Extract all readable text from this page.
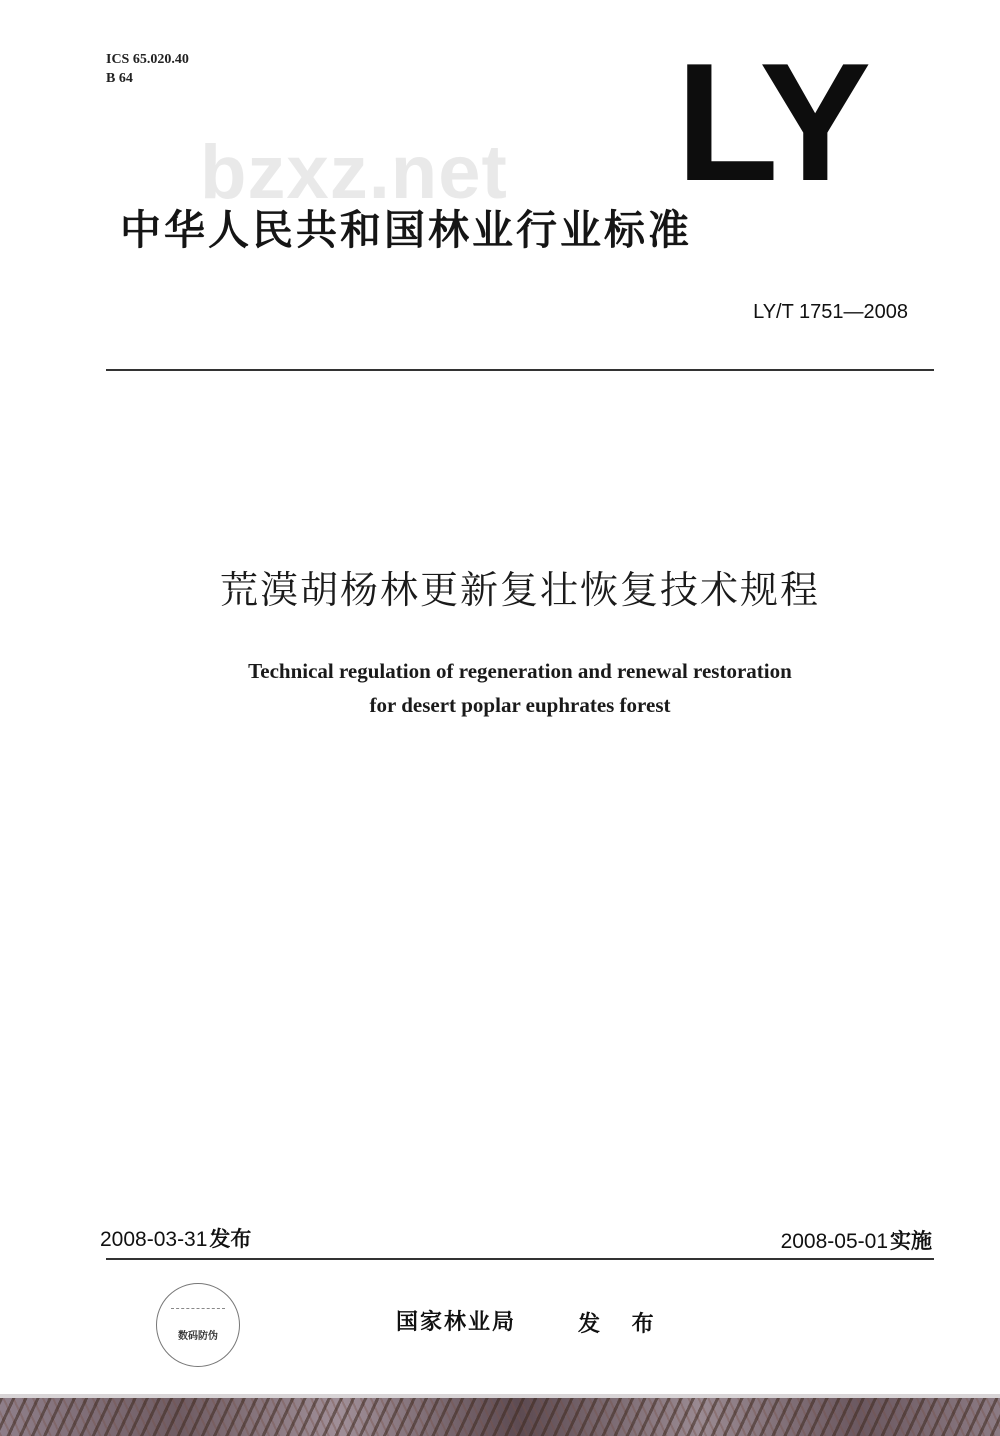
ICS 65.020.40
B 64	LY
bzxz.net
中华人民共和国林业行业标准
LY/T 1751—2008
荒漠胡杨林更新复壮恢复技术规程
Technical regulation of regeneration and renewal restoration
for desert poplar euphrates forest
2008-03-31发布	2008-05-01实施
数码防伪
国家林业局	发 布
